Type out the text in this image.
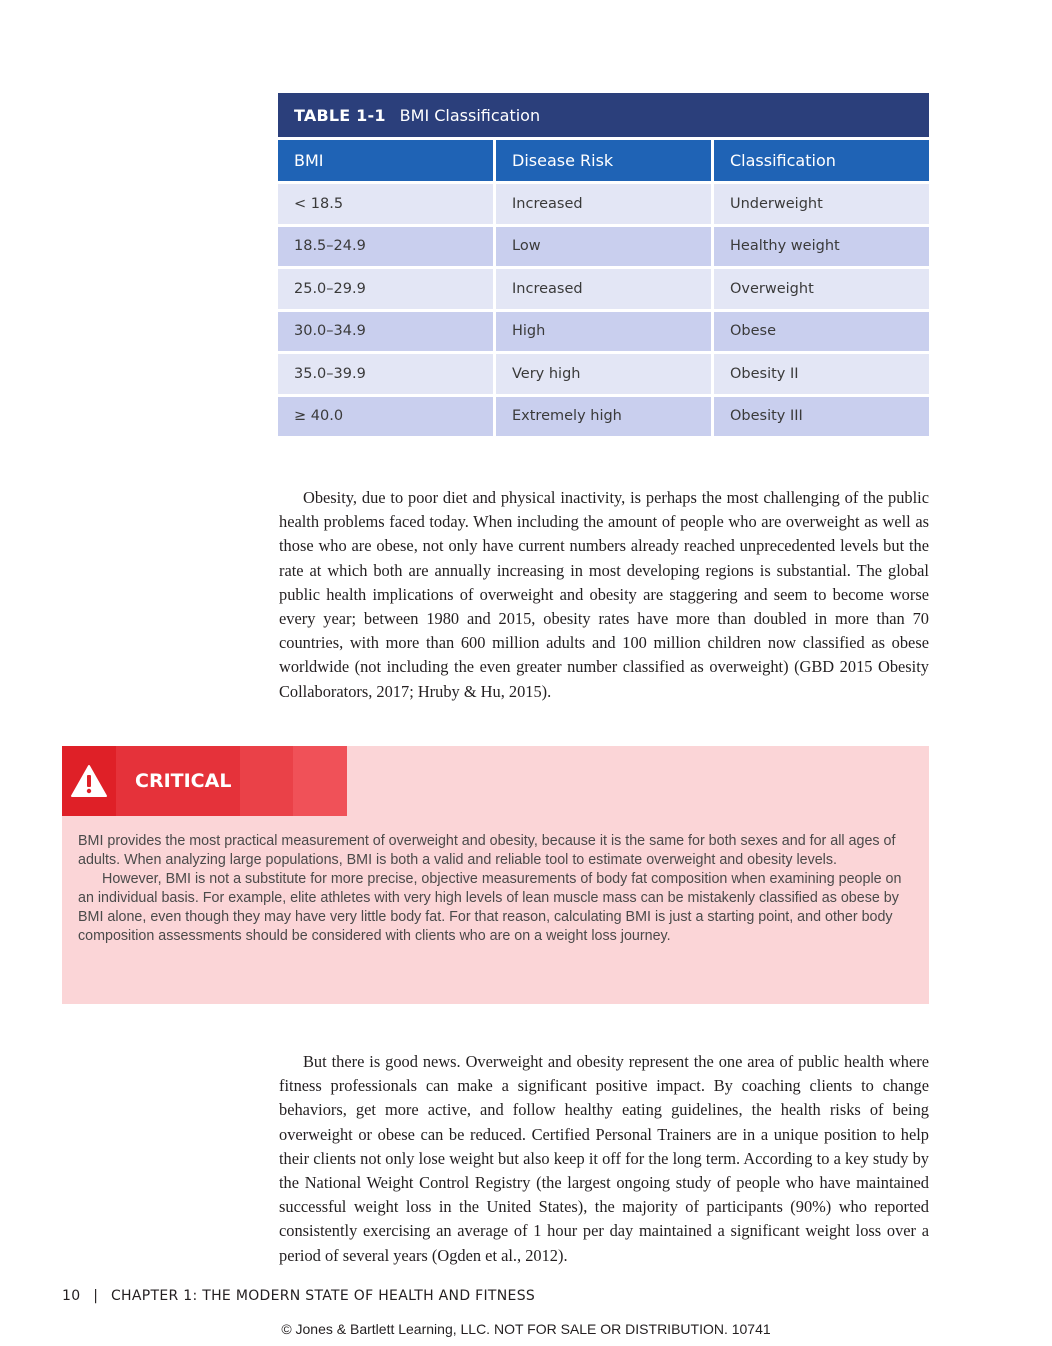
TABLE 1-1 BMI Classification
BMI	Disease Risk	Classification
< 18.5	Increased	Underweight
18.5–24.9	Low	Healthy weight
25.0–29.9	Increased	Overweight
30.0–34.9	High	Obese
35.0–39.9	Very high	Obesity II
≥ 40.0	Extremely high	Obesity III

Obesity, due to poor diet and physical inactivity, is perhaps the most challenging of the public health problems faced today. When including the amount of people who are overweight as well as those who are obese, not only have current numbers already reached unprecedented levels but the rate at which both are annually increasing in most developing regions is substantial. The global public health implications of overweight and obesity are staggering and seem to become worse every year; between 1980 and 2015, obesity rates have more than doubled in more than 70 countries, with more than 600 million adults and 100 million children now classified as obese worldwide (not including the even greater number classified as overweight) (GBD 2015 Obesity Collaborators, 2017; Hruby & Hu, 2015).

CRITICAL

BMI provides the most practical measurement of overweight and obesity, because it is the same for both sexes and for all ages of adults. When analyzing large populations, BMI is both a valid and reliable tool to estimate overweight and obesity levels.

However, BMI is not a substitute for more precise, objective measurements of body fat composition when examining people on an individual basis. For example, elite athletes with very high levels of lean muscle mass can be mistakenly classified as obese by BMI alone, even though they may have very little body fat. For that reason, calculating BMI is just a starting point, and other body composition assessments should be considered with clients who are on a weight loss journey.

But there is good news. Overweight and obesity represent the one area of public health where fitness professionals can make a significant positive impact. By coaching clients to change behaviors, get more active, and follow healthy eating guidelines, the health risks of being overweight or obese can be reduced. Certified Personal Trainers are in a unique position to help their clients not only lose weight but also keep it off for the long term. According to a key study by the National Weight Control Registry (the largest ongoing study of people who have maintained successful weight loss in the United States), the majority of participants (90%) who reported consistently exercising an average of 1 hour per day maintained a significant weight loss over a period of several years (Ogden et al., 2012).

10 | CHAPTER 1: THE MODERN STATE OF HEALTH AND FITNESS
© Jones & Bartlett Learning, LLC. NOT FOR SALE OR DISTRIBUTION. 10741
